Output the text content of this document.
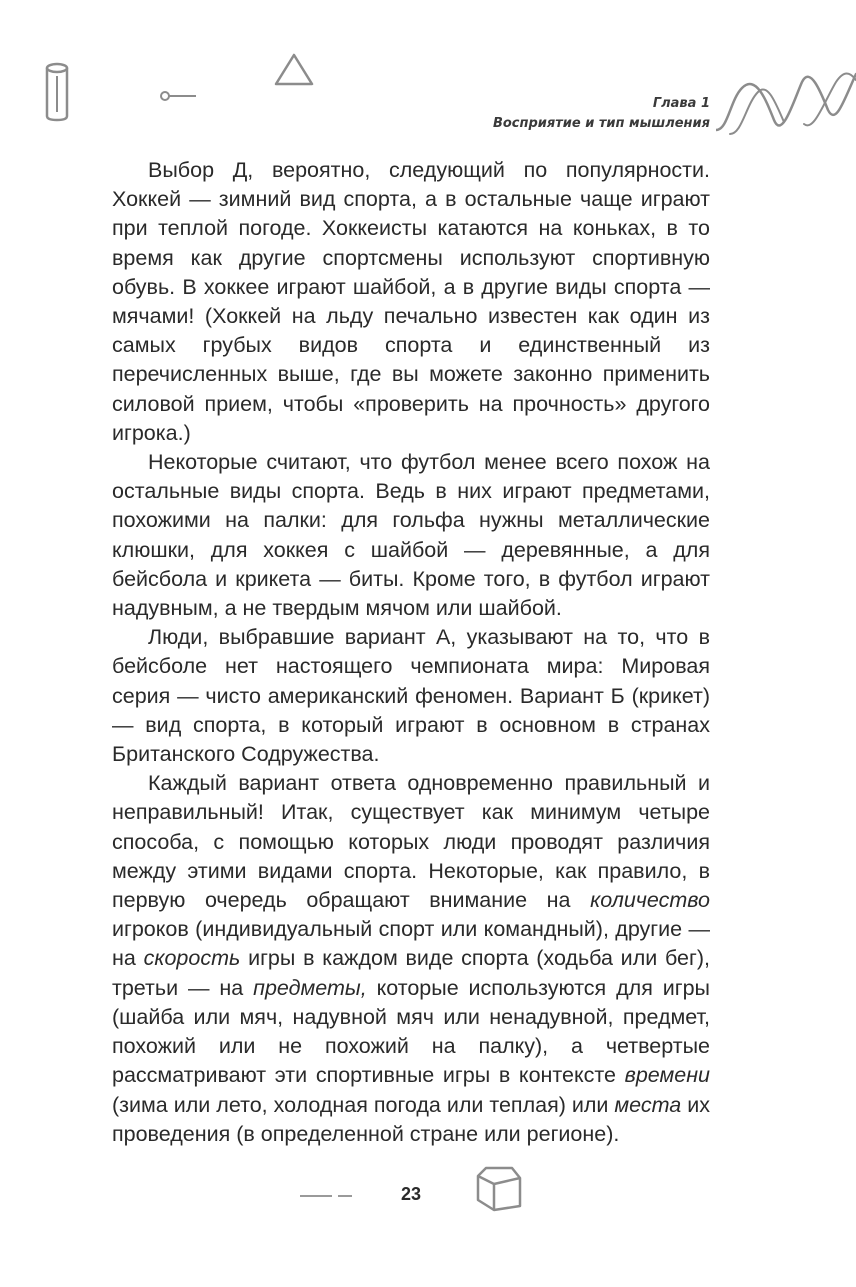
Глава 1
Восприятие и тип мышления

Выбор Д, вероятно, следующий по популярности. Хоккей — зимний вид спорта, а в остальные чаще играют при теплой погоде. Хоккеисты катаются на коньках, в то время как другие спортсмены используют спортивную обувь. В хоккее играют шайбой, а в другие виды спорта — мячами! (Хоккей на льду печально известен как один из самых грубых видов спорта и единственный из перечисленных выше, где вы можете законно применить силовой прием, чтобы «проверить на прочность» другого игрока.)

Некоторые считают, что футбол менее всего похож на остальные виды спорта. Ведь в них играют предметами, похожими на палки: для гольфа нужны металлические клюшки, для хоккея с шайбой — деревянные, а для бейсбола и крикета — биты. Кроме того, в футбол играют надувным, а не твердым мячом или шайбой.

Люди, выбравшие вариант А, указывают на то, что в бейсболе нет настоящего чемпионата мира: Мировая серия — чисто американский феномен. Вариант Б (крикет) — вид спорта, в который играют в основном в странах Британского Содружества.

Каждый вариант ответа одновременно правильный и неправильный! Итак, существует как минимум четыре способа, с помощью которых люди проводят различия между этими видами спорта. Некоторые, как правило, в первую очередь обращают внимание на количество игроков (индивидуальный спорт или командный), другие — на скорость игры в каждом виде спорта (ходьба или бег), третьи — на предметы, которые используются для игры (шайба или мяч, надувной мяч или ненадувной, предмет, похожий или не похожий на палку), а четвертые рассматривают эти спортивные игры в контексте времени (зима или лето, холодная погода или теплая) или места их проведения (в определенной стране или регионе).

23
